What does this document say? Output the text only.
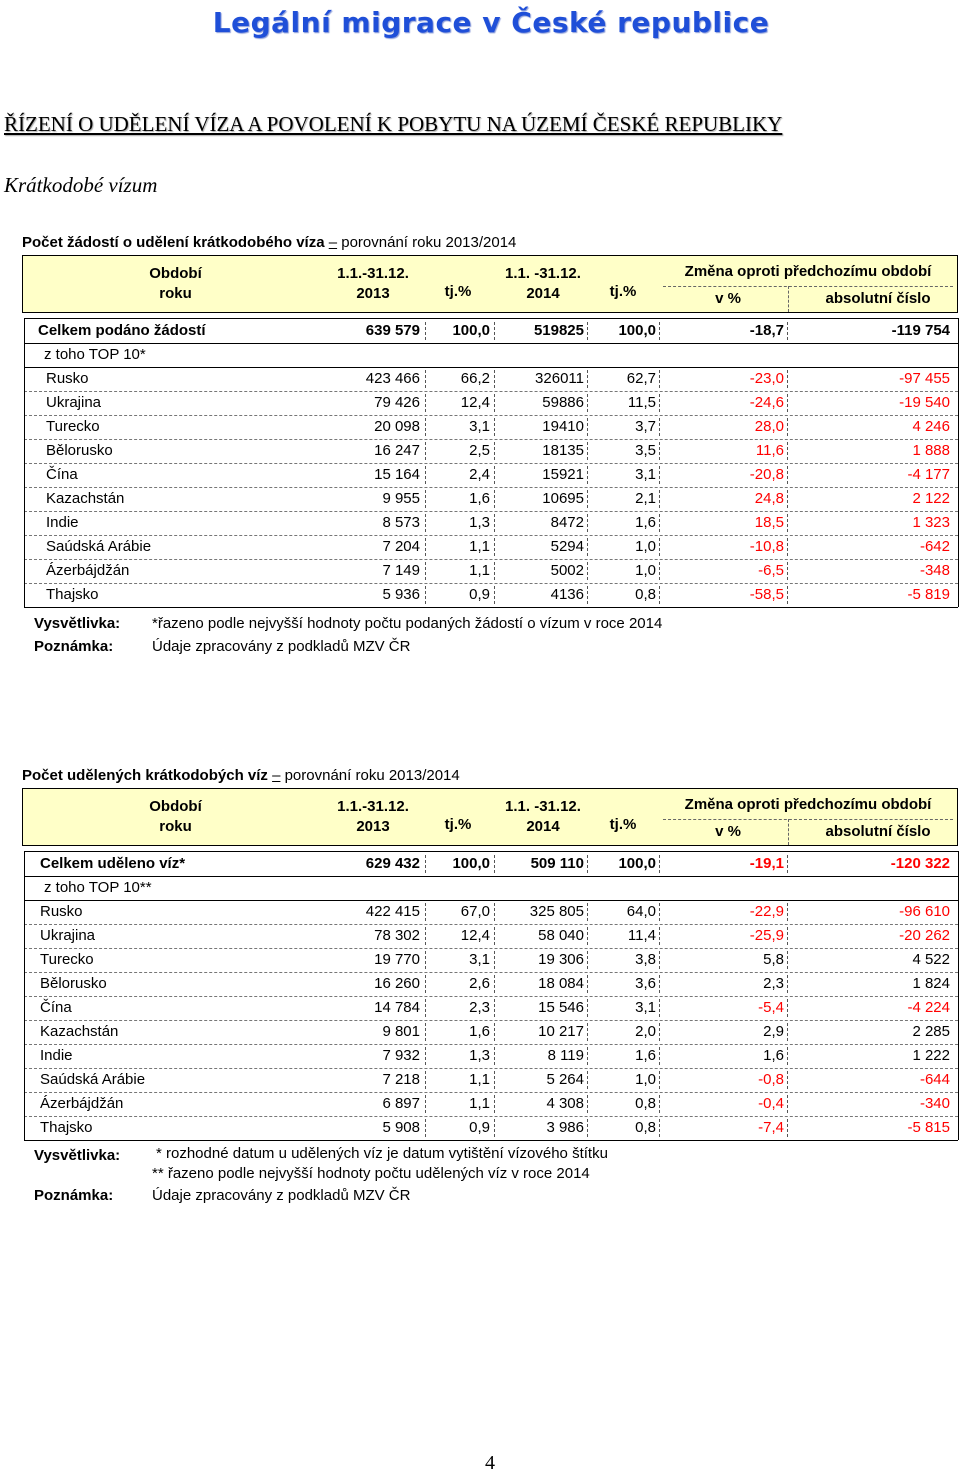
Legální migrace v České republice
ŘÍZENÍ O UDĚLENÍ VÍZA A POVOLENÍ K POBYTU NA ÚZEMÍ ČESKÉ REPUBLIKY
Krátkodobé vízum
Počet žádostí o udělení krátkodobého víza – porovnání roku 2013/2014
Období
roku
1.1.-31.12.
2013	tj.%
1.1. -31.12.
2014	tj.%
Změna oproti předchozímu období
v %	absolutní číslo
Celkem podáno žádostí	639 579	100,0	519825	100,0	-18,7	-119 754
z toho TOP 10*
Rusko	423 466	66,2	326011	62,7	-23,0	-97 455
Ukrajina	79 426	12,4	59886	11,5	-24,6	-19 540
Turecko	20 098	3,1	19410	3,7	28,0	4 246
Bělorusko	16 247	2,5	18135	3,5	11,6	1 888
Čína	15 164	2,4	15921	3,1	-20,8	-4 177
Kazachstán	9 955	1,6	10695	2,1	24,8	2 122
Indie	8 573	1,3	8472	1,6	18,5	1 323
Saúdská Arábie	7 204	1,1	5294	1,0	-10,8	-642
Ázerbájdžán	7 149	1,1	5002	1,0	-6,5	-348
Thajsko	5 936	0,9	4136	0,8	-58,5	-5 819
Vysvětlivka: *řazeno podle nejvyšší hodnoty počtu podaných žádostí o vízum v roce 2014
Poznámka:	Údaje zpracovány z podkladů MZV ČR
Počet udělených krátkodobých víz – porovnání roku 2013/2014
Období
roku
1.1.-31.12.
2013	tj.%
1.1. -31.12.
2014	tj.%
Změna oproti předchozímu období
v %	absolutní číslo
Celkem uděleno víz*	629 432	100,0	509 110	100,0	-19,1	-120 322
z toho TOP 10**
Rusko	422 415	67,0	325 805	64,0	-22,9	-96 610
Ukrajina	78 302	12,4	58 040	11,4	-25,9	-20 262
Turecko	19 770	3,1	19 306	3,8	5,8	4 522
Bělorusko	16 260	2,6	18 084	3,6	2,3	1 824
Čína	14 784	2,3	15 546	3,1	-5,4	-4 224
Kazachstán	9 801	1,6	10 217	2,0	2,9	2 285
Indie	7 932	1,3	8 119	1,6	1,6	1 222
Saúdská Arábie	7 218	1,1	5 264	1,0	-0,8	-644
Ázerbájdžán	6 897	1,1	4 308	0,8	-0,4	-340
Thajsko	5 908	0,9	3 986	0,8	-7,4	-5 815
Vysvětlivka: * rozhodné datum u udělených víz je datum vytištění vízového štítku
** řazeno podle nejvyšší hodnoty počtu udělených víz v roce 2014
Poznámka:	Údaje zpracovány z podkladů MZV ČR
4
